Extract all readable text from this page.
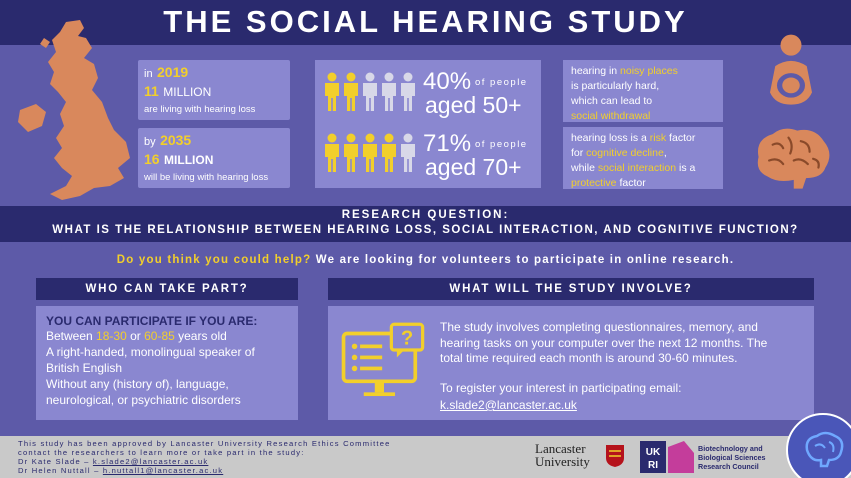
THE SOCIAL HEARING STUDY
in 2019
11 MILLION
are living with hearing loss
by 2035
16 MILLION
will be living with hearing loss
40% of people
aged 50+
71% of people
aged 70+
hearing in noisy places
is particularly hard,
which can lead to
social withdrawal
hearing loss is a risk factor
for cognitive decline,
while social interaction is a
protective factor
RESEARCH QUESTION:
WHAT IS THE RELATIONSHIP BETWEEN HEARING LOSS, SOCIAL INTERACTION, AND COGNITIVE FUNCTION?
Do you think you could help? We are looking for volunteers to participate in online research.
WHO CAN TAKE PART?
YOU CAN PARTICIPATE IF YOU ARE:
Between 18-30 or 60-85 years old
A right-handed, monolingual speaker of
British English
Without any (history of), language,
neurological, or psychiatric disorders
WHAT WILL THE STUDY INVOLVE?
?
The study involves completing questionnaires, memory, and
hearing tasks on your computer over the next 12 months. The
total time required each month is around 30-60 minutes.
To register your interest in participating email:
k.slade2@lancaster.ac.uk
This study has been approved by Lancaster University Research Ethics Committee
contact the researchers to learn more or take part in the study:
Dr Kate Slade – k.slade2@lancaster.ac.uk
Dr Helen Nuttall – h.nuttall1@lancaster.ac.uk
Lancaster
University
UK
RI
Biotechnology and
Biological Sciences
Research Council
